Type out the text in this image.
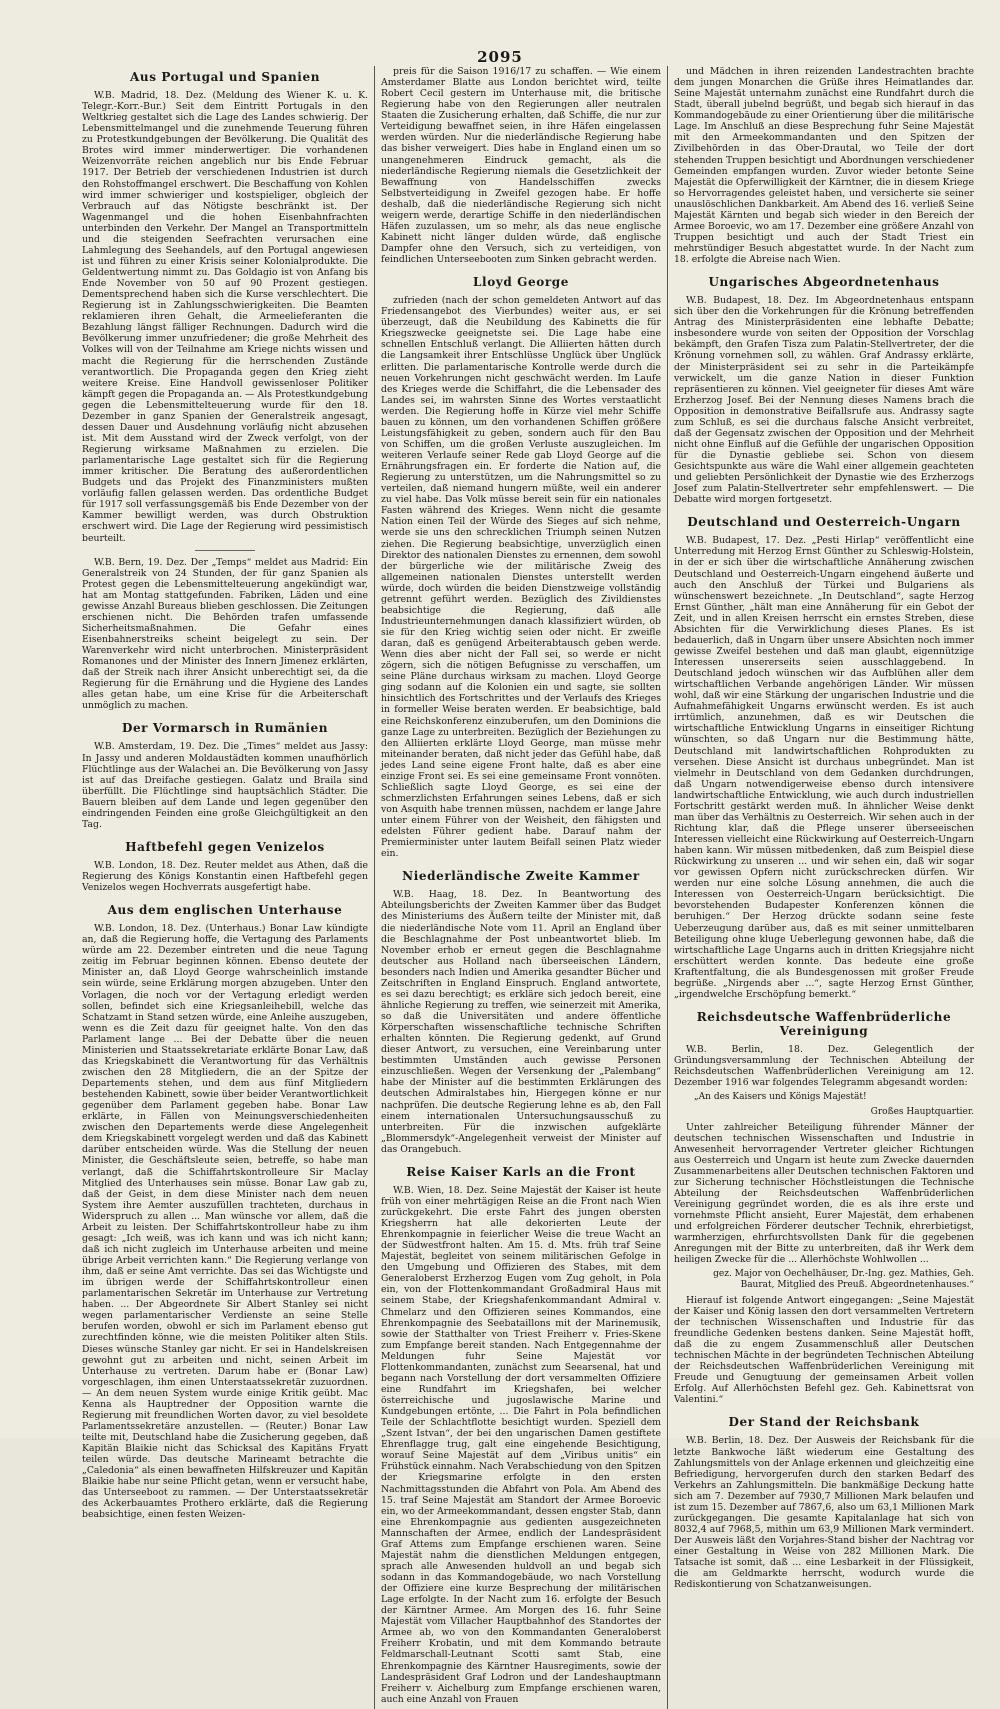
2095
Aus Portugal und Spanien

W.B. Madrid, 18. Dez. (Meldung des Wiener K. u. K. Telegr.-Korr.-Bur.) Seit dem Eintritt Portugals in den Weltkrieg gestaltet sich die Lage des Landes schwierig. Der Lebensmittelmangel und die zunehmende Teuerung führen zu Protestkundgebungen der Bevölkerung. Die Qualität des Brotes wird immer minderwertiger. Die vorhandenen Weizenvorräte reichen angeblich nur bis Ende Februar 1917. Der Betrieb der verschiedenen Industrien ist durch den Rohstoffmangel erschwert. Die Beschaffung von Kohlen wird immer schwieriger und kostspieliger, obgleich der Verbrauch auf das Nötigste beschränkt ist. Der Wagenmangel und die hohen Eisenbahnfrachten unterbinden den Verkehr. Der Mangel an Transportmitteln und die steigenden Seefrachten verursachen eine Lahmlegung des Seehandels, auf den Portugal angewiesen ist und führen zu einer Krisis seiner Kolonialprodukte. Die Geldentwertung nimmt zu. Das Goldagio ist von Anfang bis Ende November von 50 auf 90 Prozent gestiegen. Dementsprechend haben sich die Kurse verschlechtert. Die Regierung ist in Zahlungsschwierigkeiten. Die Beamten reklamieren ihren Gehalt, die Armeelieferanten die Bezahlung längst fälliger Rechnungen. Dadurch wird die Bevölkerung immer unzufriedener; die große Mehrheit des Volkes will von der Teilnahme am Kriege nichts wissen und macht die Regierung für die herrschenden Zustände verantwortlich. Die Propaganda gegen den Krieg zieht weitere Kreise. Eine Handvoll gewissenloser Politiker kämpft gegen die Propaganda an. — Als Protestkundgebung gegen die Lebensmittelteuerung wurde für den 18. Dezember in ganz Spanien der Generalstreik angesagt, dessen Dauer und Ausdehnung vorläufig nicht abzusehen ist. Mit dem Ausstand wird der Zweck verfolgt, von der Regierung wirksame Maßnahmen zu erzielen. Die parlamentarische Lage gestaltet sich für die Regierung immer kritischer. Die Beratung des außerordentlichen Budgets und das Projekt des Finanzministers mußten vorläufig fallen gelassen werden. Das ordentliche Budget für 1917 soll verfassungsgemäß bis Ende Dezember von der Kammer bewilligt werden, was durch Obstruktion erschwert wird. Die Lage der Regierung wird pessimistisch beurteilt.

W.B. Bern, 19. Dez. Der „Temps“ meldet aus Madrid: Ein Generalstreik von 24 Stunden, der für ganz Spanien als Protest gegen die Lebensmittelteuerung angekündigt war, hat am Montag stattgefunden. Fabriken, Läden und eine gewisse Anzahl Bureaus blieben geschlossen. Die Zeitungen erschienen nicht. Die Behörden trafen umfassende Sicherheitsmaßnahmen. Die Gefahr eines Eisenbahnerstreiks scheint beigelegt zu sein. Der Warenverkehr wird nicht unterbrochen. Ministerpräsident Romanones und der Minister des Innern Jimenez erklärten, daß der Streik nach ihrer Ansicht unberechtigt sei, da die Regierung für die Ernährung und die Hygiene des Landes alles getan habe, um eine Krise für die Arbeiterschaft unmöglich zu machen.

Der Vormarsch in Rumänien

W.B. Amsterdam, 19. Dez. Die „Times“ meldet aus Jassy: In Jassy und anderen Moldaustädten kommen unaufhörlich Flüchtlinge aus der Walachei an. Die Bevölkerung von Jassy ist auf das Dreifache gestiegen. Galatz und Braila sind überfüllt. Die Flüchtlinge sind hauptsächlich Städter. Die Bauern bleiben auf dem Lande und legen gegenüber den eindringenden Feinden eine große Gleichgültigkeit an den Tag.

Haftbefehl gegen Venizelos

W.B. London, 18. Dez. Reuter meldet aus Athen, daß die Regierung des Königs Konstantin einen Haftbefehl gegen Venizelos wegen Hochverrats ausgefertigt habe.

Aus dem englischen Unterhause

W.B. London, 18. Dez. (Unterhaus.) Bonar Law kündigte an, daß die Regierung hoffe, die Vertagung des Parlaments würde am 22. Dezember eintreten und die neue Tagung zeitig im Februar beginnen können. Ebenso deutete der Minister an, daß Lloyd George wahrscheinlich imstande sein würde, seine Erklärung morgen abzugeben. Unter den Vorlagen, die noch vor der Vertagung erledigt werden sollen, befindet sich eine Kriegsanleihebill, welche das Schatzamt in Stand setzen würde, eine Anleihe auszugeben, wenn es die Zeit dazu für geeignet halte. Von den das Parlament lange ... Bei der Debatte über die neuen Ministerien und Staatssekretariate erklärte Bonar Law, daß das Kriegskabinett die Verantwortung für das Verhältnis zwischen den 28 Mitgliedern, die an der Spitze der Departements stehen, und dem aus fünf Mitgliedern bestehenden Kabinett, sowie über beider Verantwortlichkeit gegenüber dem Parlament gegeben habe. Bonar Law erklärte, in Fällen von Meinungsverschiedenheiten zwischen den Departements werde diese Angelegenheit dem Kriegskabinett vorgelegt werden und daß das Kabinett darüber entscheiden würde. Was die Stellung der neuen Minister, die Geschäftsleute seien, betreffe, so habe man verlangt, daß die Schiffahrtskontrolleure Sir Maclay Mitglied des Unterhauses sein müsse. Bonar Law gab zu, daß der Geist, in dem diese Minister nach dem neuen System ihre Aemter auszufüllen trachteten, durchaus in Widerspruch zu allen ... Man wünsche vor allem, daß die Arbeit zu leisten. Der Schiffahrtskontrolleur habe zu ihm gesagt: „Ich weiß, was ich kann und was ich nicht kann; daß ich nicht zugleich im Unterhause arbeiten und meine übrige Arbeit verrichten kann.“ Die Regierung verlange von ihm, daß er seine Amt verrichte. Das sei das Wichtigste und im übrigen werde der Schiffahrtskontrolleur einen parlamentarischen Sekretär im Unterhause zur Vertretung haben. ... Der Abgeordnete Sir Albert Stanley sei nicht wegen parlamentarischer Verdienste an seine Stelle berufen worden, obwohl er sich im Parlament ebenso gut zurechtfinden könne, wie die meisten Politiker alten Stils. Dieses wünsche Stanley gar nicht. Er sei in Handelskreisen gewohnt gut zu arbeiten und nicht, seinen Arbeit im Unterhause zu vertreten. Darum habe er (Bonar Law) vorgeschlagen, ihm einen Unterstaatssekretär zuzuordnen. — An dem neuen System wurde einige Kritik geübt. Mac Kenna als Hauptredner der Opposition warnte die Regierung mit freundlichen Worten davor, zu viel besoldete Parlamentssekretäre anzustellen. — (Reuter.) Bonar Law teilte mit, Deutschland habe die Zusicherung gegeben, daß Kapitän Blaikie nicht das Schicksal des Kapitäns Fryatt teilen würde. Das deutsche Marineamt betrachte die „Caledonia“ als einen bewaffneten Hilfskreuzer und Kapitän Blaikie habe nur seine Pflicht getan, wenn er versucht habe, das Unterseeboot zu rammen. — Der Unterstaatssekretär des Ackerbauamtes Prothero erklärte, daß die Regierung beabsichtige, einen festen Weizen-

preis für die Saison 1916/17 zu schaffen. — Wie einem Amsterdamer Blatte aus London berichtet wird, teilte Robert Cecil gestern im Unterhause mit, die britische Regierung habe von den Regierungen aller neutralen Staaten die Zusicherung erhalten, daß Schiffe, die nur zur Verteidigung bewaffnet seien, in ihre Häfen eingelassen werden würden. Nur die niederländische Regierung habe das bisher verweigert. Dies habe in England einen um so unangenehmeren Eindruck gemacht, als die niederländische Regierung niemals die Gesetzlichkeit der Bewaffnung von Handelsschiffen zwecks Selbstverteidigung in Zweifel gezogen habe. Er hoffe deshalb, daß die niederländische Regierung sich nicht weigern werde, derartige Schiffe in den niederländischen Häfen zuzulassen, um so mehr, als das neue englische Kabinett nicht länger dulden würde, daß englische Dampfer ohne den Versuch, sich zu verteidigen, von feindlichen Unterseebooten zum Sinken gebracht werden.

Lloyd George

zufrieden (nach der schon gemeldeten Antwort auf das Friedensangebot des Vierbundes) weiter aus, er sei überzeugt, daß die Neubildung des Kabinetts die für Kriegszwecke geeignetste sei. Die Lage habe eine schnellen Entschluß verlangt. Die Alliierten hätten durch die Langsamkeit ihrer Entschlüsse Unglück über Unglück erlitten. Die parlamentarische Kontrolle werde durch die neuen Vorkehrungen nicht geschwächt werden. Im Laufe des Krieges werde die Schiffahrt, die die Lebensader des Landes sei, im wahrsten Sinne des Wortes verstaatlicht werden. Die Regierung hoffe in Kürze viel mehr Schiffe bauen zu können, um den vorhandenen Schiffen größere Leistungsfähigkeit zu geben, sondern auch für den Bau von Schiffen, um die großen Verluste auszugleichen. Im weiteren Verlaufe seiner Rede gab Lloyd George auf die Ernährungsfragen ein. Er forderte die Nation auf, die Regierung zu unterstützen, um die Nahrungsmittel so zu verteilen, daß niemand hungern müßte, weil ein anderer zu viel habe. Das Volk müsse bereit sein für ein nationales Fasten während des Krieges. Wenn nicht die gesamte Nation einen Teil der Würde des Sieges auf sich nehme, werde sie uns den schrecklichen Triumph seinen Nutzen ziehen. Die Regierung beabsichtige, unverzüglich einen Direktor des nationalen Dienstes zu ernennen, dem sowohl der bürgerliche wie der militärische Zweig des allgemeinen nationalen Dienstes unterstellt werden würde, doch würden die beiden Dienstzweige vollständig getrennt geführt werden. Bezüglich des Zivildienstes beabsichtige die Regierung, daß alle Industrieunternehmungen danach klassifiziert würden, ob sie für den Krieg wichtig seien oder nicht. Er zweifle daran, daß es genügend Arbeiterabtausch geben werde. Wenn dies aber nicht der Fall sei, so werde er nicht zögern, sich die nötigen Befugnisse zu verschaffen, um seine Pläne durchaus wirksam zu machen. Lloyd George ging sodann auf die Kolonien ein und sagte, sie sollten hinsichtlich des Fortschrittes und der Verlaufs des Krieges in formeller Weise beraten werden. Er beabsichtige, bald eine Reichskonferenz einzuberufen, um den Dominions die ganze Lage zu unterbreiten. Bezüglich der Beziehungen zu den Alliierten erklärte Lloyd George, man müsse mehr miteinander beraten, daß nicht jeder das Gefühl habe, daß jedes Land seine eigene Front halte, daß es aber eine einzige Front sei. Es sei eine gemeinsame Front vonnöten. Schließlich sagte Lloyd George, es sei eine der schmerzlichsten Erfahrungen seines Lebens, daß er sich von Asquith habe trennen müssen, nachdem er lange Jahre unter einem Führer von der Weisheit, den fähigsten und edelsten Führer gedient habe. Darauf nahm der Premierminister unter lautem Beifall seinen Platz wieder ein.

Niederländische Zweite Kammer

W.B. Haag, 18. Dez. In Beantwortung des Abteilungsberichts der Zweiten Kammer über das Budget des Ministeriums des Äußern teilte der Minister mit, daß die niederländische Note vom 11. April an England über die Beschlagnahme der Post unbeantwortet blieb. Im November erhob er erneut gegen die Beschlagnahme deutscher aus Holland nach überseeischen Ländern, besonders nach Indien und Amerika gesandter Bücher und Zeitschriften in England Einspruch. England antwortete, es sei dazu berechtigt; es erkläre sich jedoch bereit, eine ähnliche Regierung zu treffen, wie seinerzeit mit Amerika, so daß die Universitäten und andere öffentliche Körperschaften wissenschaftliche technische Schriften erhalten könnten. Die Regierung gedenkt, auf Grund dieser Antwort, zu versuchen, eine Vereinbarung unter bestimmten Umständen auch gewisse Personen einzuschließen. Wegen der Versenkung der „Palembang“ habe der Minister auf die bestimmten Erklärungen des deutschen Admiralstabes hin, Hiergegen könne er nur nachprüfen. Die deutsche Regierung lehne es ab, den Fall einem internationalen Untersuchungsausschuß zu unterbreiten. Für die inzwischen aufgeklärte „Blommersdyk“-Angelegenheit verweist der Minister auf das Orangebuch.

Reise Kaiser Karls an die Front

W.B. Wien, 18. Dez. Seine Majestät der Kaiser ist heute früh von einer mehrtägigen Reise an die Front nach Wien zurückgekehrt. Die erste Fahrt des jungen obersten Kriegsherrn hat alle dekorierten Leute der Ehrenkompagnie in feierlicher Weise die treue Wacht an der Südwestfront halten. Am 15. d. Mts. früh traf Seine Majestät, begleitet von seinem militärischen Gefolge in den Umgebung und Offizieren des Stabes, mit dem Generaloberst Erzherzog Eugen vom Zug geholt, in Pola ein, von der Flottenkommandant Großadmiral Haus mit seinem Stabe, der Kriegshafenkommandant Admiral v. Chmelarz und den Offizieren seines Kommandos, eine Ehrenkompagnie des Seebataillons mit der Marinemusik, sowie der Statthalter von Triest Freiherr v. Fries-Skene zum Empfange bereit standen. Nach Entgegennahme der Meldungen fuhr Seine Majestät vor Flottenkommandanten, zunächst zum Seearsenal, hat und begann nach Vorstellung der dort versammelten Offiziere eine Rundfahrt im Kriegshafen, bei welcher österreichische und jugoslawische Marine und Kundgebungen ertönte, ... Die Fahrt in Pola befindlichen Teile der Schlachtflotte besichtigt wurden. Speziell dem „Szent Istvan“, der bei den ungarischen Damen gestiftete Ehrenflagge trug, galt eine eingehende Besichtigung, worauf Seine Majestät auf dem „Viribus unitis“ ein Frühstück einnahm. Nach Verabschiedung von den Spitzen der Kriegsmarine erfolgte in den ersten Nachmittagsstunden die Abfahrt von Pola. Am Abend des 15. traf Seine Majestät am Standort der Armee Boroevic ein, wo der Armeekommandant, dessen engster Stab, dann eine Ehrenkompagnie aus gedienten ausgezeichneten Mannschaften der Armee, endlich der Landespräsident Graf Attems zum Empfange erschienen waren. Seine Majestät nahm die dienstlichen Meldungen entgegen, sprach alle Anwesenden huldvoll an und begab sich sodann in das Kommandogebäude, wo nach Vorstellung der Offiziere eine kurze Besprechung der militärischen Lage erfolgte. In der Nacht zum 16. erfolgte der Besuch der Kärntner Armee. Am Morgen des 16. fuhr Seine Majestät vom Villacher Hauptbahnhof des Standortes der Armee ab, wo von den Kommandanten Generaloberst Freiherr Krobatin, und mit dem Kommando betraute Feldmarschall-Leutnant Scotti samt Stab, eine Ehrenkompagnie des Kärntner Hausregiments, sowie der Landespräsident Graf Lodron und der Landeshauptmann Freiherr v. Aichelburg zum Empfange erschienen waren, auch eine Anzahl von Frauen

und Mädchen in ihren reizenden Landestrachten brachte dem jungen Monarchen die Grüße ihres Heimatlandes dar. Seine Majestät unternahm zunächst eine Rundfahrt durch die Stadt, überall jubelnd begrüßt, und begab sich hierauf in das Kommandogebäude zu einer Orientierung über die militärische Lage. Im Anschluß an diese Besprechung fuhr Seine Majestät mit den Armeekommandanten und den Spitzen der Zivilbehörden in das Ober-Drautal, wo Teile der dort stehenden Truppen besichtigt und Abordnungen verschiedener Gemeinden empfangen wurden. Zuvor wieder betonte Seine Majestät die Opferwilligkeit der Kärntner, die in diesem Kriege so Hervorragendes geleistet haben, und versicherte sie seiner unauslöschlichen Dankbarkeit. Am Abend des 16. verließ Seine Majestät Kärnten und begab sich wieder in den Bereich der Armee Boroevic, wo am 17. Dezember eine größere Anzahl von Truppen besichtigt und auch der Stadt Triest ein mehrstündiger Besuch abgestattet wurde. In der Nacht zum 18. erfolgte die Abreise nach Wien.

Ungarisches Abgeordnetenhaus

W.B. Budapest, 18. Dez. Im Abgeordnetenhaus entspann sich über den die Vorkehrungen für die Krönung betreffenden Antrag des Ministerpräsidenten eine lebhafte Debatte; insbesondere wurde von seiten der Opposition der Vorschlag bekämpft, den Grafen Tisza zum Palatin-Stellvertreter, der die Krönung vornehmen soll, zu wählen. Graf Andrassy erklärte, der Ministerpräsident sei zu sehr in die Parteikämpfe verwickelt, um die ganze Nation in dieser Funktion repräsentieren zu können. Viel geeigneter für dieses Amt wäre Erzherzog Josef. Bei der Nennung dieses Namens brach die Opposition in demonstrative Beifallsrufe aus. Andrassy sagte zum Schluß, es sei die durchaus falsche Ansicht verbreitet, daß der Gegensatz zwischen der Opposition und der Mehrheit nicht ohne Einfluß auf die Gefühle der ungarischen Opposition für die Dynastie gebliebe sei. Schon von diesem Gesichtspunkte aus wäre die Wahl einer allgemein geachteten und geliebten Persönlichkeit der Dynastie wie des Erzherzogs Josef zum Palatin-Stellvertreter sehr empfehlenswert. — Die Debatte wird morgen fortgesetzt.

Deutschland und Oesterreich-Ungarn

W.B. Budapest, 17. Dez. „Pesti Hirlap“ veröffentlicht eine Unterredung mit Herzog Ernst Günther zu Schleswig-Holstein, in der er sich über die wirtschaftliche Annäherung zwischen Deutschland und Oesterreich-Ungarn eingehend äußerte und auch den Anschluß der Türkei und Bulgariens als wünschenswert bezeichnete. „In Deutschland“, sagte Herzog Ernst Günther, „hält man eine Annäherung für ein Gebot der Zeit, und in allen Kreisen herrscht ein ernstes Streben, diese Absichten für die Verwirklichung dieses Planes. Es ist bedauerlich, daß in Ungarn über unsere Absichten noch immer gewisse Zweifel bestehen und daß man glaubt, eigennützige Interessen unsererseits seien ausschlaggebend. In Deutschland jedoch wünschen wir das Aufblühen aller dem wirtschaftlichen Verbande angehörigen Länder. Wir müssen wohl, daß wir eine Stärkung der ungarischen Industrie und die Aufnahmefähigkeit Ungarns erwünscht werden. Es ist auch irrtümlich, anzunehmen, daß es wir Deutschen die wirtschaftliche Entwicklung Ungarns in einseitiger Richtung wünschten, so daß Ungarn nur die Bestimmung hätte, Deutschland mit landwirtschaftlichen Rohprodukten zu versehen. Diese Ansicht ist durchaus unbegründet. Man ist vielmehr in Deutschland von dem Gedanken durchdrungen, daß Ungarn notwendigerweise ebenso durch intensivere landwirtschaftliche Entwicklung, wie auch durch industriellen Fortschritt gestärkt werden muß. In ähnlicher Weise denkt man über das Verhältnis zu Oesterreich. Wir sehen auch in der Richtung klar, daß die Pflege unserer überseeischen Interessen vielleicht eine Rückwirkung auf Oesterreich-Ungarn haben kann. Wir müssen mitbedenken, daß zum Beispiel diese Rückwirkung zu unseren ... und wir sehen ein, daß wir sogar vor gewissen Opfern nicht zurückschrecken dürfen. Wir werden nur eine solche Lösung annehmen, die auch die Interessen von Oesterreich-Ungarn berücksichtigt. Die bevorstehenden Budapester Konferenzen können die beruhigen.“ Der Herzog drückte sodann seine feste Ueberzeugung darüber aus, daß es mit seiner unmittelbaren Beteiligung ohne kluge Ueberlegung gewonnen habe, daß die wirtschaftliche Lage Ungarns auch in dritten Kriegsjahre nicht erschüttert werden konnte. Das bedeute eine große Kraftentfaltung, die als Bundesgenossen mit großer Freude begrüße. „Nirgends aber ...“, sagte Herzog Ernst Günther, „irgendwelche Erschöpfung bemerkt.“

Reichsdeutsche Waffenbrüderliche Vereinigung

W.B. Berlin, 18. Dez. Gelegentlich der Gründungsversammlung der Technischen Abteilung der Reichsdeutschen Waffenbrüderlichen Vereinigung am 12. Dezember 1916 war folgendes Telegramm abgesandt worden:

„An des Kaisers und Königs Majestät!

Großes Hauptquartier.

Unter zahlreicher Beteiligung führender Männer der deutschen technischen Wissenschaften und Industrie in Anwesenheit hervorragender Vertreter gleicher Richtungen aus Oesterreich und Ungarn ist heute zum Zwecke dauernden Zusammenarbeitens aller Deutschen technischen Faktoren und zur Sicherung technischer Höchstleistungen die Technische Abteilung der Reichsdeutschen Waffenbrüderlichen Vereinigung gegründet worden, die es als ihre erste und vornehmste Pflicht ansieht, Eurer Majestät, dem erhabenen und erfolgreichen Förderer deutscher Technik, ehrerbietigst, warmherzigen, ehrfurchtsvollsten Dank für die gegebenen Anregungen mit der Bitte zu unterbreiten, daß ihr Werk dem heiligen Zwecke für die ... Allerhöchste Wohlwollen ...

gez. Major von Oechelhäuser, Dr.-Ing. gez. Mathies, Geh. Baurat, Mitglied des Preuß. Abgeordnetenhauses.“

Hierauf ist folgende Antwort eingegangen: „Seine Majestät der Kaiser und König lassen den dort versammelten Vertretern der technischen Wissenschaften und Industrie für das freundliche Gedenken bestens danken. Seine Majestät hofft, daß die zu engem Zusammenschluß aller Deutschen technischen Mächte in der begründeten Technischen Abteilung der Reichsdeutschen Waffenbrüderlichen Vereinigung mit Freude und Genugtuung der gemeinsamen Arbeit vollen Erfolg. Auf Allerhöchsten Befehl gez. Geh. Kabinettsrat von Valentini.“

Der Stand der Reichsbank

W.B. Berlin, 18. Dez. Der Ausweis der Reichsbank für die letzte Bankwoche läßt wiederum eine Gestaltung des Zahlungsmittels von der Anlage erkennen und gleichzeitig eine Befriedigung, hervorgerufen durch den starken Bedarf des Verkehrs an Zahlungsmitteln. Die bankmäßige Deckung hatte sich am 7. Dezember auf 7930,7 Millionen Mark belaufen und ist zum 15. Dezember auf 7867,6, also um 63,1 Millionen Mark zurückgegangen. Die gesamte Kapitalanlage hat sich von 8032,4 auf 7968,5, mithin um 63,9 Millionen Mark vermindert. Der Ausweis läßt den Vorjahres-Stand bisher der Nachtrag vor einer Gestaltung in Weise von 282 Millionen Mark. Die Tatsache ist somit, daß ... eine Lesbarkeit in der Flüssigkeit, die am Geldmarkte herrscht, wodurch wurde die Rediskontierung von Schatzanweisungen.
